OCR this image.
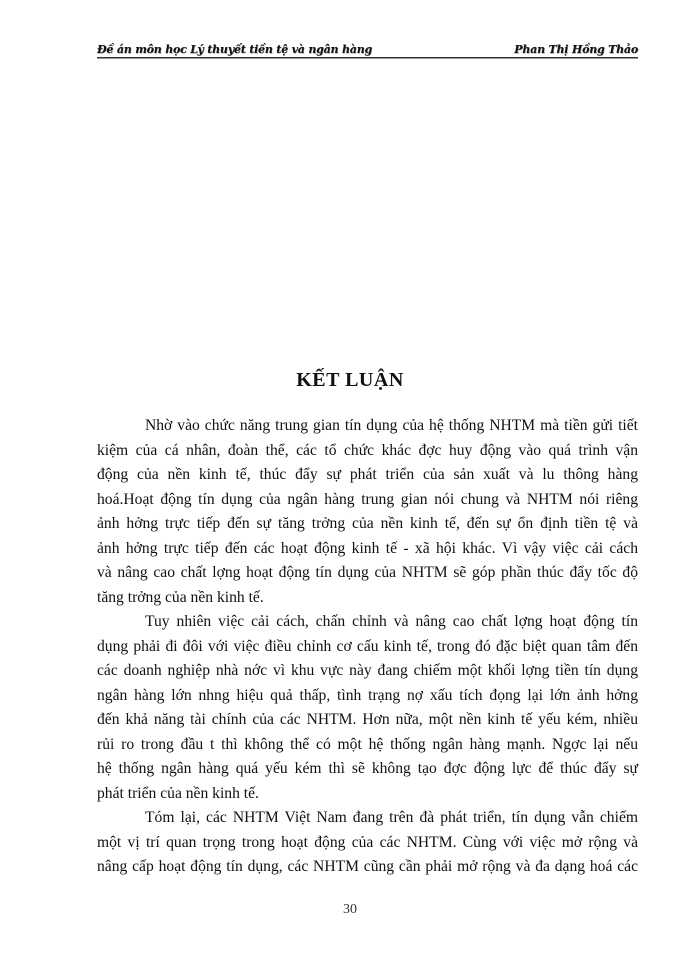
Đề án môn học Lý thuyết tiền tệ và ngân hàng	Phan Thị Hồng Thảo
KẾT LUẬN

Nhờ vào chức năng trung gian tín dụng của hệ thống NHTM mà tiền gửi tiết
kiệm của cá nhân, đoàn thể, các tổ chức khác đợc huy động vào quá trình vận
động của nền kinh tế, thúc đẩy sự phát triển của sản xuất và lu thông hàng
hoá.Hoạt động tín dụng của ngân hàng trung gian nói chung và NHTM nói riêng
ảnh hởng trực tiếp đến sự tăng trởng của nền kinh tế, đến sự ổn định tiền tệ và
ảnh hởng trực tiếp đến các hoạt động kinh tế - xã hội khác. Vì vậy việc cải cách
và nâng cao chất lợng hoạt động tín dụng của NHTM sẽ góp phần thúc đẩy tốc độ
tăng trởng của nền kinh tế.

Tuy nhiên việc cải cách, chấn chỉnh và nâng cao chất lợng hoạt động tín
dụng phải đi đôi với việc điều chỉnh cơ cấu kinh tế, trong đó đặc biệt quan tâm đến
các doanh nghiệp nhà nớc vì khu vực này đang chiếm một khối lợng tiền tín dụng
ngân hàng lớn nhng hiệu quả thấp, tình trạng nợ xấu tích đọng lại lớn ảnh hởng
đến khả năng tài chính của các NHTM. Hơn nữa, một nền kinh tế yếu kém, nhiều
rủi ro trong đầu t thì không thể có một hệ thống ngân hàng mạnh. Ngợc lại nếu
hệ thống ngân hàng quá yếu kém thì sẽ không tạo đợc động lực để thúc đẩy sự
phát triển của nền kinh tế.

Tóm lại, các NHTM Việt Nam đang trên đà phát triển, tín dụng vẫn chiếm
một vị trí quan trọng trong hoạt động của các NHTM. Cùng với việc mở rộng và
nâng cấp hoạt động tín dụng, các NHTM cũng cần phải mở rộng và đa dạng hoá các

30
